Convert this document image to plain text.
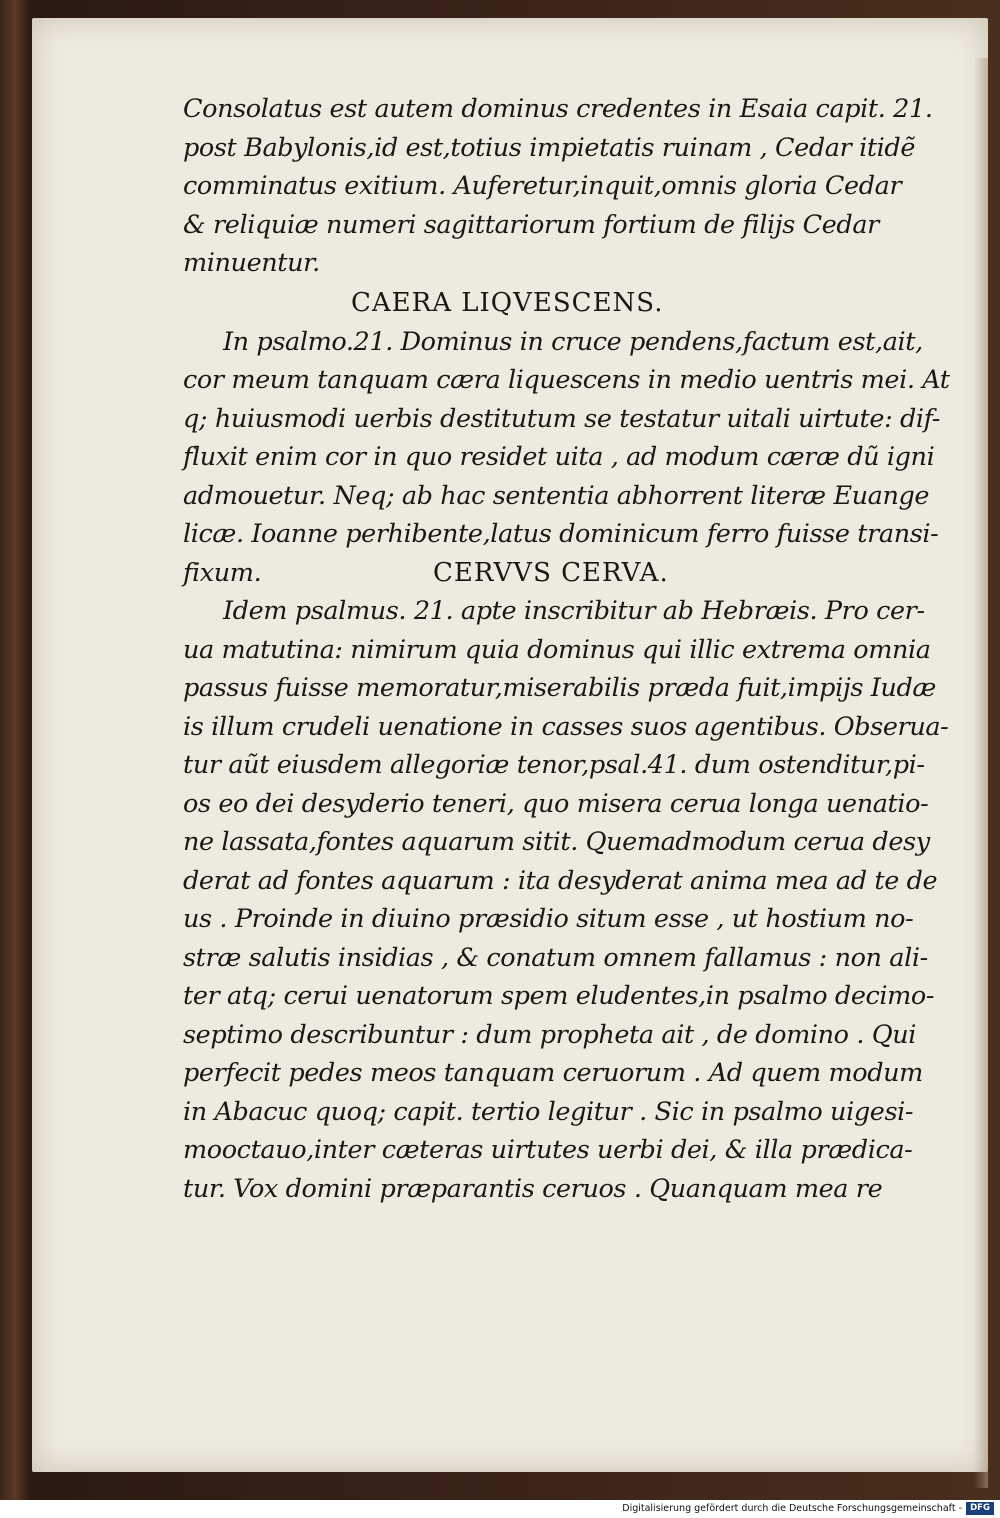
Consolatus est autem dominus credentes in Esaia capit. 21.
post Babylonis,id est,totius impietatis ruinam , Cedar itidẽ
comminatus exitium. Auferetur,inquit,omnis gloria Cedar
& reliquiæ numeri sagittariorum fortium de filijs Cedar
minuentur.
CAERA LIQVESCENS.
In psalmo.21. Dominus in cruce pendens,factum est,ait,
cor meum tanquam cæra liquescens in medio uentris mei. At
q; huiusmodi uerbis destitutum se testatur uitali uirtute: dif-
fluxit enim cor in quo residet uita , ad modum cæræ dũ igni
admouetur. Neq; ab hac sententia abhorrent literæ Euange
licæ. Ioanne perhibente,latus dominicum ferro fuisse transi-
fixum.	CERVVS CERVA.
Idem psalmus. 21. apte inscribitur ab Hebræis. Pro cer-
ua matutina: nimirum quia dominus qui illic extrema omnia
passus fuisse memoratur,miserabilis præda fuit,impijs Iudæ
is illum crudeli uenatione in casses suos agentibus. Obserua-
tur aũt eiusdem allegoriæ tenor,psal.41. dum ostenditur,pi-
os eo dei desyderio teneri, quo misera cerua longa uenatio-
ne lassata,fontes aquarum sitit. Quemadmodum cerua desy
derat ad fontes aquarum : ita desyderat anima mea ad te de
us . Proinde in diuino præsidio situm esse , ut hostium no-
stræ salutis insidias , & conatum omnem fallamus : non ali-
ter atq; cerui uenatorum spem eludentes,in psalmo decimo-
septimo describuntur : dum propheta ait , de domino . Qui
perfecit pedes meos tanquam ceruorum . Ad quem modum
in Abacuc quoq; capit. tertio legitur . Sic in psalmo uigesi-
mooctauo,inter cæteras uirtutes uerbi dei, & illa prædica-
tur. Vox domini præparantis ceruos . Quanquam mea re
Digitalisierung gefördert durch die Deutsche Forschungsgemeinschaft - DFG
